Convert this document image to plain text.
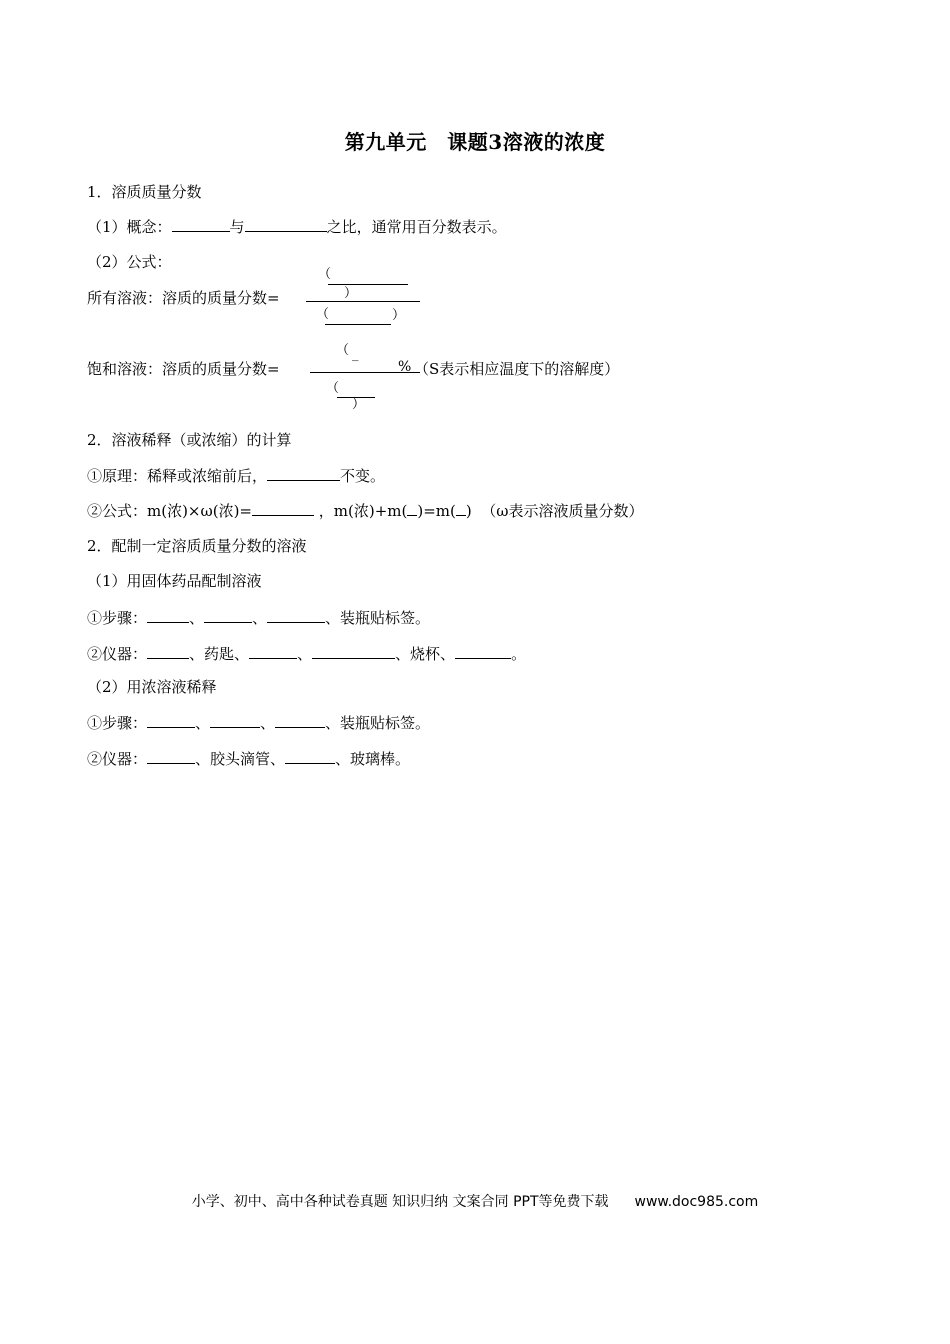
第九单元　课题3溶液的浓度
1．溶质质量分数
（1）概念：	与	之比，通常用百分数表示。
（2）公式：
（
）
所有溶液：溶质的质量分数=
（	）
（ _
饱和溶液：溶质的质量分数=	% （S表示相应温度下的溶解度）
（
）
2．溶液稀释（或浓缩）的计算
①原理：稀释或浓缩前后，	不变。
②公式：m(浓)×ω(浓)=	，m(浓)+m( )=m( ) （ω表示溶液质量分数）
2．配制一定溶质质量分数的溶液
（1）用固体药品配制溶液
①步骤：	、	、	、装瓶贴标签。
②仪器：	、药匙、	、	、烧杯、	。
（2）用浓溶液稀释
①步骤：	、	、	、装瓶贴标签。
②仪器：	、胶头滴管、	、玻璃棒。
小学、初中、高中各种试卷真题 知识归纳 文案合同 PPT等免费下载 www.doc985.com
